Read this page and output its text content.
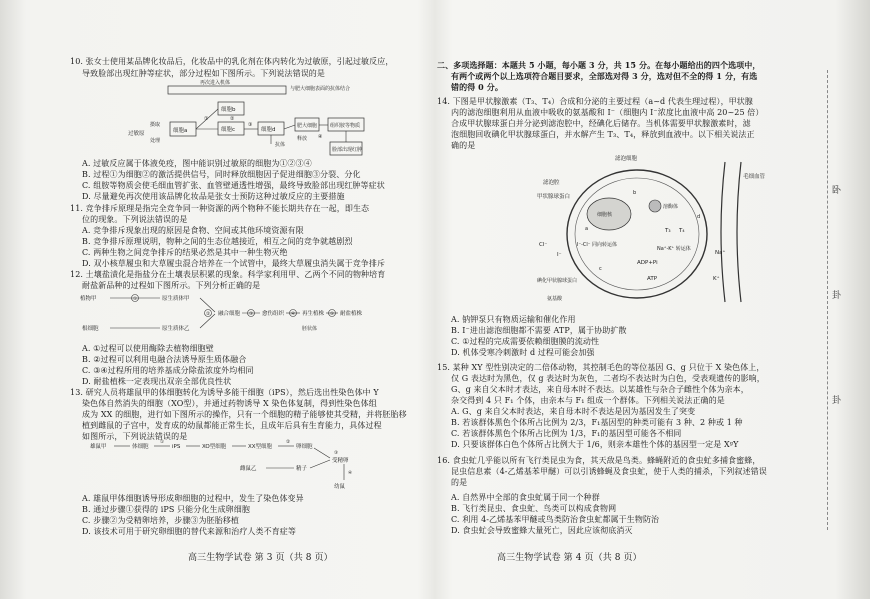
10. 张女士使用某品牌化妆品后，化妆品中的乳化剂在体内转化为过敏原，引起过敏反应，
导致脸部出现红肿等症状，部分过程如下图所示。下列说法错误的是
再次进入机体
过敏原
摄取
处理
细胞a
细胞b
细胞c	细胞d
①	②
③
抗体
与肥大细胞表面的抗体结合
肥大细胞
释放
组织胺等物质
脸部出现红肿
④
A. 过敏反应属于体液免疫，图中能识别过敏原的细胞为①②③④
B. 过程①为细胞②的激活提供信号，同时释放细胞因子促进细胞③分裂、分化
C. 组胺等物质会使毛细血管扩张、血管壁通透性增强，最终导致脸部出现红肿等症状
D. 尽量避免再次使用该品牌化妆品是张女士预防这种过敏反应的主要措施
11. 竞争排斥原理是指完全竞争同一种资源的两个物种不能长期共存在一起，即生态
位的现象。下列说法错误的是
A. 竞争排斥现象出现的原因是食物、空间或其他环境资源有限
B. 竞争排斥原理说明，物种之间的生态位越接近，相互之间的竞争就越剧烈
C. 两种生物之间竞争排斥的结果必然是其中一种生物灭绝
D. 双小核草履虫和大草履虫混合培养在一个试管中，最终大草履虫消失属于竞争排斥
12. 土壤盐渍化是指盐分在土壤表层积累的现象。科学家利用甲、乙两个不同的物种培育
耐盐新品种的过程如下图所示。下列分析正确的是
植物甲
根细胞
①	原生质体甲
原生质体乙
② 融合细胞 ③ 愈伤组织 ④ 再生植株 ⑤ 耐盐植株
胚状体
A. ①过程可以使用酶除去植物细胞壁
B. ②过程可以利用电融合法诱导原生质体融合
C. ③④过程所用的培养基成分除盐浓度外均相同
D. 耐盐植株一定表现出双亲全部优良性状
13. 研究人员将雄鼠甲的体细胞转化为诱导多能干细胞（iPS），然后选出性染色体中 Y
染色体自然消失的细胞（XO型），并通过药物诱导 X 染色体复制，得到性染色体组
成为 XX 的细胞，进行如下图所示的操作，只有一个细胞的精子能够使其受精，并将胚胎移
植到雌鼠的子宫中，发育成的幼鼠都能正常生长，且成年后具有生育能力，具体过程
如图所示，下列说法错误的是
雄鼠甲	体细胞
①
iPS	XO型细胞	XX型细胞	卵细胞
②
雌鼠乙	精子
受精卵
③
④
幼鼠
A. 雄鼠甲体细胞诱导形成卵细胞的过程中，发生了染色体变异
B. 通过步骤①获得的 iPS 只能分化生成卵细胞
C. 步骤②为受精卵培养，步骤③为胚胎移植
D. 该技术可用于研究卵细胞的替代来源和治疗人类不育症等
高三生物学试卷 第 3 页（共 8 页）
二、多项选择题：本题共 5 小题，每小题 3 分，共 15 分。在每小题给出的四个选项中，
有两个或两个以上选项符合题目要求，全部选对得 3 分，选对但不全的得 1 分，有选
错的得 0 分。
14. 下图是甲状腺激素（T₃、T₄）合成和分泌的主要过程（a~d 代表生理过程），甲状腺
内的滤泡细胞利用从血液中吸收的氨基酸和 I⁻（细胞内 I⁻浓度比血液中高 20~25 倍）
合成甲状腺球蛋白并分泌到滤泡腔中，经碘化后储存。当机体需要甲状腺激素时，滤
泡细胞回收碘化甲状腺球蛋白，并水解产生 T₃、T₄，释放到血液中。以下相关说法正
确的是
滤泡细胞
细胞核
滤泡腔
甲状腺球蛋白
溶酶体
T₃ T₄
Na⁺-K⁺ 转运体
I⁻-Cl⁻ 同向转运体
Cl⁻
I⁻
ADP+Pi
ATP
碘化甲状腺球蛋白
氨基酸
毛细血管
Na⁺
K⁺
a
b
c
d
A. 钠钾泵只有物质运输和催化作用
B. I⁻进出滤泡细胞都不需要 ATP，属于协助扩散
C. ①过程的完成需要依赖细胞膜的流动性
D. 机体受寒冷刺激时 d 过程可能会加强
15. 某种 XY 型性别决定的二倍体动物，其控制毛色的等位基因 G、g 只位于 X 染色体上，
仅 G 表达时为黑色，仅 g 表达时为灰色，二者均不表达时为白色，受表观遗传的影响，
G、g 来自父本时才表达，来自母本时不表达。以某雄性与杂合子雌性个体为亲本，
杂交得到 4 只 F₁ 个体，由亲本与 F₁ 组成一个群体。下列相关说法正确的是
A. G、g 来自父本时表达，来自母本时不表达是因为基因发生了突变
B. 若该群体黑色个体所占比例为 2/3，F₁基因型的种类可能有 3 种、2 种或 1 种
C. 若该群体黑色个体所占比例为 1/3，F₁的基因型可能各不相同
D. 只要该群体白色个体所占比例大于 1/6，则亲本雄性个体的基因型一定是 XᵍY
16. 食虫虻几乎能以所有飞行类昆虫为食，其天敌是鸟类。蜂蝇附近的食虫虻多捕食蜜蜂，
昆虫信息素（4-乙烯基苯甲醚）可以引诱蜂蝇及食虫虻，使于人类的捕杀，下列叙述错误
的是
A. 自然界中全部的食虫虻属于同一个种群
B. 飞行类昆虫、食虫虻、鸟类可以构成食物网
C. 利用 4-乙烯基苯甲醚或鸟类防治食虫虻都属于生物防治
D. 食虫虻会导致蜜蜂大量死亡，因此应该彻底消灭
高三生物学试卷 第 4 页（共 8 页）
卧
卦
卦
